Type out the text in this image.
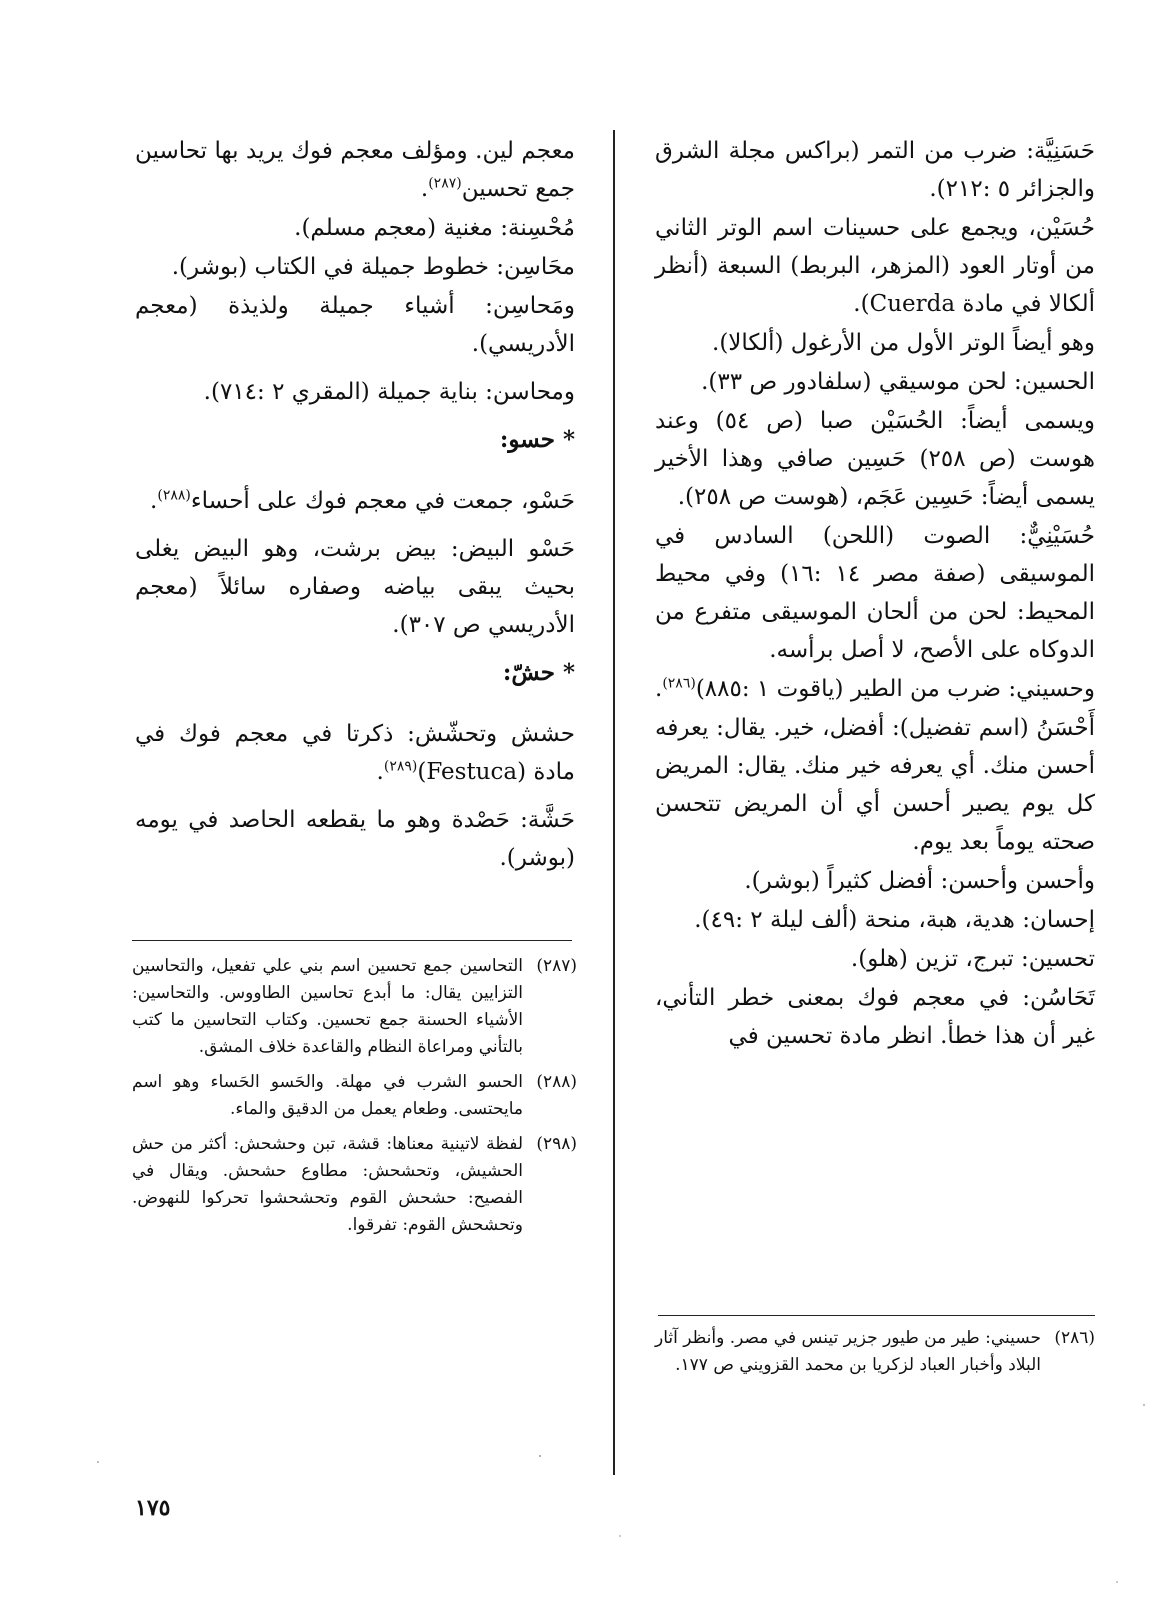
حَسَنِيَّة: ضرب من التمر (براكس مجلة الشرق والجزائر ٥ :٢١٢).

حُسَيْن، ويجمع على حسينات اسم الوتر الثاني من أوتار العود (المزهر، البربط) السبعة (أنظر ألكالا في مادة Cuerda).

وهو أيضاً الوتر الأول من الأرغول (ألكالا).

الحسين: لحن موسيقي (سلفادور ص ٣٣).

ويسمى أيضاً: الحُسَيْن صبا (ص ٥٤) وعند هوست (ص ٢٥٨) حَسِين صافي وهذا الأخير يسمى أيضاً: حَسِين عَجَم، (هوست ص ٢٥٨).

حُسَيْنِيٌّ: الصوت (اللحن) السادس في الموسيقى (صفة مصر ١٤ :١٦) وفي محيط المحيط: لحن من ألحان الموسيقى متفرع من الدوكاه على الأصح، لا أصل برأسه.

وحسيني: ضرب من الطير (ياقوت ١ :٨٨٥)$^{(٢٨٦)}$.

أَحْسَنُ (اسم تفضيل): أفضل، خير. يقال: يعرفه أحسن منك. أي يعرفه خير منك. يقال: المريض كل يوم يصير أحسن أي أن المريض تتحسن صحته يوماً بعد يوم.

وأحسن وأحسن: أفضل كثيراً (بوشر).

إحسان: هدية، هبة، منحة (ألف ليلة ٢ :٤٩).

تحسين: تبرج، تزين (هلو).

تَحَاسُن: في معجم فوك بمعنى خطر التأني، غير أن هذا خطأ. انظر مادة تحسين في

معجم لين. ومؤلف معجم فوك يريد بها تحاسين جمع تحسين$^{(٢٨٧)}$.

مُحْسِنة: مغنية (معجم مسلم).

محَاسِن: خطوط جميلة في الكتاب (بوشر).

ومَحاسِن: أشياء جميلة ولذيذة (معجم الأدريسي).

ومحاسن: بناية جميلة (المقري ٢ :٧١٤).

* حسو:

حَسْو، جمعت في معجم فوك على أحساء$^{(٢٨٨)}$.

حَسْو البيض: بيض برشت، وهو البيض يغلى بحيث يبقى بياضه وصفاره سائلاً (معجم الأدريسي ص ٣٠٧).

* حشّ:

حشش وتحشّش: ذكرتا في معجم فوك في مادة (Festuca)$^{(٢٨٩)}$.

حَشَّة: حَصْدة وهو ما يقطعه الحاصد في يومه (بوشر).

(٢٨٧)
التحاسين جمع تحسين اسم بني علي تفعيل، والتحاسين التزايين يقال: ما أبدع تحاسين الطاووس. والتحاسين: الأشياء الحسنة جمع تحسين. وكتاب التحاسين ما كتب بالتأني ومراعاة النظام والقاعدة خلاف المشق.
(٢٨٨)
الحسو الشرب في مهلة. والحَسو الحَساء وهو اسم مايحتسى. وطعام يعمل من الدقيق والماء.
(٢٩٨)
لفظة لاتينية معناها: قشة، تبن وحشحش: أكثر من حش الحشيش، وتحشحش: مطاوع حشحش. ويقال في الفصيح: حشحش القوم وتحشحشوا تحركوا للنهوض. وتحشحش القوم: تفرقوا.
(٢٨٦)
حسيني: طير من طيور جزير تينس في مصر. وأنظر آثار البلاد وأخبار العباد لزكريا بن محمد القزويني ص ١٧٧.
١٧٥
